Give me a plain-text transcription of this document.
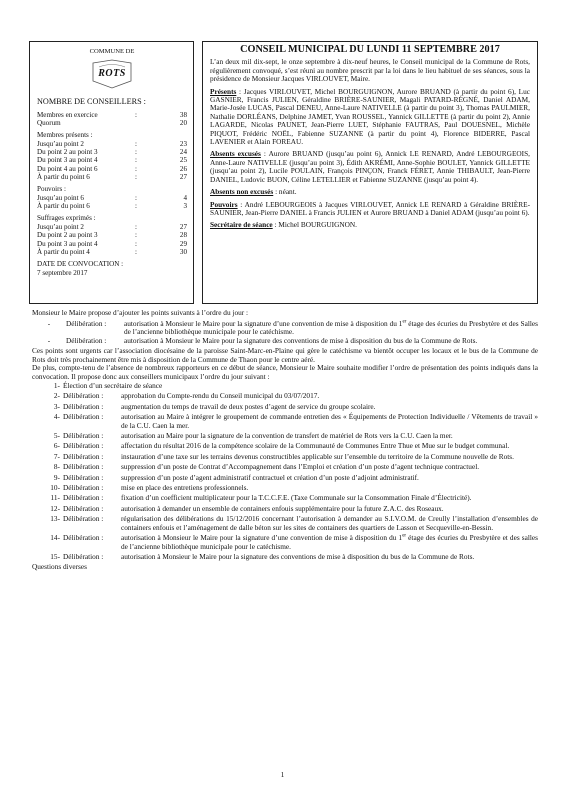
COMMUNE DE
ROTS
NOMBRE DE CONSEILLERS :
Membres en exercice	:	38
Quorum	20
Membres présents :
Jusqu’au point 2	:	23
Du point 2 au point 3	:	24
Du point 3 au point 4	:	25
Du point 4 au point 6	:	26
À partir du point 6	:	27
Pouvoirs :
Jusqu’au point 6	:	4
À partir du point 6	:	3
Suffrages exprimés :
Jusqu’au point 2	:	27
Du point 2 au point 3	:	28
Du point 3 au point 4	:	29
À partir du point 4	:	30
DATE DE CONVOCATION :
7 septembre 2017
CONSEIL MUNICIPAL DU LUNDI 11 SEPTEMBRE 2017

L’an deux mil dix-sept, le onze septembre à dix-neuf heures, le Conseil municipal de la Commune de Rots, régulièrement convoqué, s’est réuni au nombre prescrit par la loi dans le lieu habituel de ses séances, sous la présidence de Monsieur Jacques VIRLOUVET, Maire.

Présents : Jacques VIRLOUVET, Michel BOURGUIGNON, Aurore BRUAND (à partir du point 6), Luc GASNIER, Francis JULIEN, Géraldine BRIÈRE-SAUNIER, Magali PATARD-RÉGNÉ, Daniel ADAM, Marie-Josée LUCAS, Pascal DENEU, Anne-Laure NATIVELLE (à partir du point 3), Thomas PAULMIER, Nathalie DORLÉANS, Delphine JAMET, Yvan ROUSSEL, Yannick GILLETTE (à partir du point 2), Annie LAGARDE, Nicolas PAUNET, Jean-Pierre LUET, Stéphanie FAUTRAS, Paul DOUESNEL, Michèle PIQUOT, Frédéric NOËL, Fabienne SUZANNE (à partir du point 4), Florence BIDERRE, Pascal LAVENIER et Alain FOREAU.

Absents excusés : Aurore BRUAND (jusqu’au point 6), Annick LE RENARD, André LEBOURGEOIS, Anne-Laure NATIVELLE (jusqu’au point 3), Édith AKRÉMI, Anne-Sophie BOULET, Yannick GILLETTE (jusqu’au point 2), Lucile POULAIN, François PINÇON, Franck FÉRET, Annie THIBAULT, Jean-Pierre DANIEL, Ludovic BUON, Céline LETELLIER et Fabienne SUZANNE (jusqu’au point 4).

Absents non excusés : néant.

Pouvoirs : André LEBOURGEOIS à Jacques VIRLOUVET, Annick LE RENARD à Géraldine BRIÈRE-SAUNIER, Jean-Pierre DANIEL à Francis JULIEN et Aurore BRUAND à Daniel ADAM (jusqu’au point 6).

Secrétaire de séance : Michel BOURGUIGNON.

Monsieur le Maire propose d’ajouter les points suivants à l’ordre du jour :

-	Délibération :	autorisation à Monsieur le Maire pour la signature d’une convention de mise à disposition du 1er étage des écuries du Presbytère et des Salles de l’ancienne bibliothèque municipale pour le catéchisme.
-	Délibération :	autorisation à Monsieur le Maire pour la signature des conventions de mise à disposition du bus de la Commune de Rots.

Ces points sont urgents car l’association diocésaine de la paroisse Saint-Marc-en-Plaine qui gère le catéchisme va bientôt occuper les locaux et le bus de la Commune de Rots doit très prochainement être mis à disposition de la Commune de Thaon pour le centre aéré.

De plus, compte-tenu de l’absence de nombreux rapporteurs en ce début de séance, Monsieur le Maire souhaite modifier l’ordre de présentation des points indiqués dans la convocation. Il propose donc aux conseillers municipaux l’ordre du jour suivant :

1- Élection d’un secrétaire de séance
2- Délibération :	approbation du Compte-rendu du Conseil municipal du 03/07/2017.
3- Délibération :	augmentation du temps de travail de deux postes d’agent de service du groupe scolaire.
4- Délibération :	autorisation au Maire à intégrer le groupement de commande entretien des « Équipements de Protection Individuelle / Vêtements de travail » de la C.U. Caen la mer.
5- Délibération :	autorisation au Maire pour la signature de la convention de transfert de matériel de Rots vers la C.U. Caen la mer.
6- Délibération :	affectation du résultat 2016 de la compétence scolaire de la Communauté de Communes Entre Thue et Mue sur le budget communal.
7- Délibération :	instauration d’une taxe sur les terrains devenus constructibles applicable sur l’ensemble du territoire de la Commune nouvelle de Rots.
8- Délibération :	suppression d’un poste de Contrat d’Accompagnement dans l’Emploi et création d’un poste d’agent technique contractuel.
9- Délibération :	suppression d’un poste d’agent administratif contractuel et création d’un poste d’adjoint administratif.
10- Délibération :	mise en place des entretiens professionnels.
11- Délibération :	fixation d’un coefficient multiplicateur pour la T.C.C.F.E. (Taxe Communale sur la Consommation Finale d’Électricité).
12- Délibération :	autorisation à demander un ensemble de containers enfouis supplémentaire pour la future Z.A.C. des Roseaux.
13- Délibération :	régularisation des délibérations du 15/12/2016 concernant l’autorisation à demander au S.I.V.O.M. de Creully l’installation d’ensembles de containers enfouis et l’aménagement de dalle béton sur les sites de containers des quartiers de Lasson et Secqueville-en-Bessin.
14- Délibération :	autorisation à Monsieur le Maire pour la signature d’une convention de mise à disposition du 1er étage des écuries du Presbytère et des salles de l’ancienne bibliothèque municipale pour le catéchisme.
15- Délibération :	autorisation à Monsieur le Maire pour la signature des conventions de mise à disposition du bus de la Commune de Rots.

Questions diverses

1
